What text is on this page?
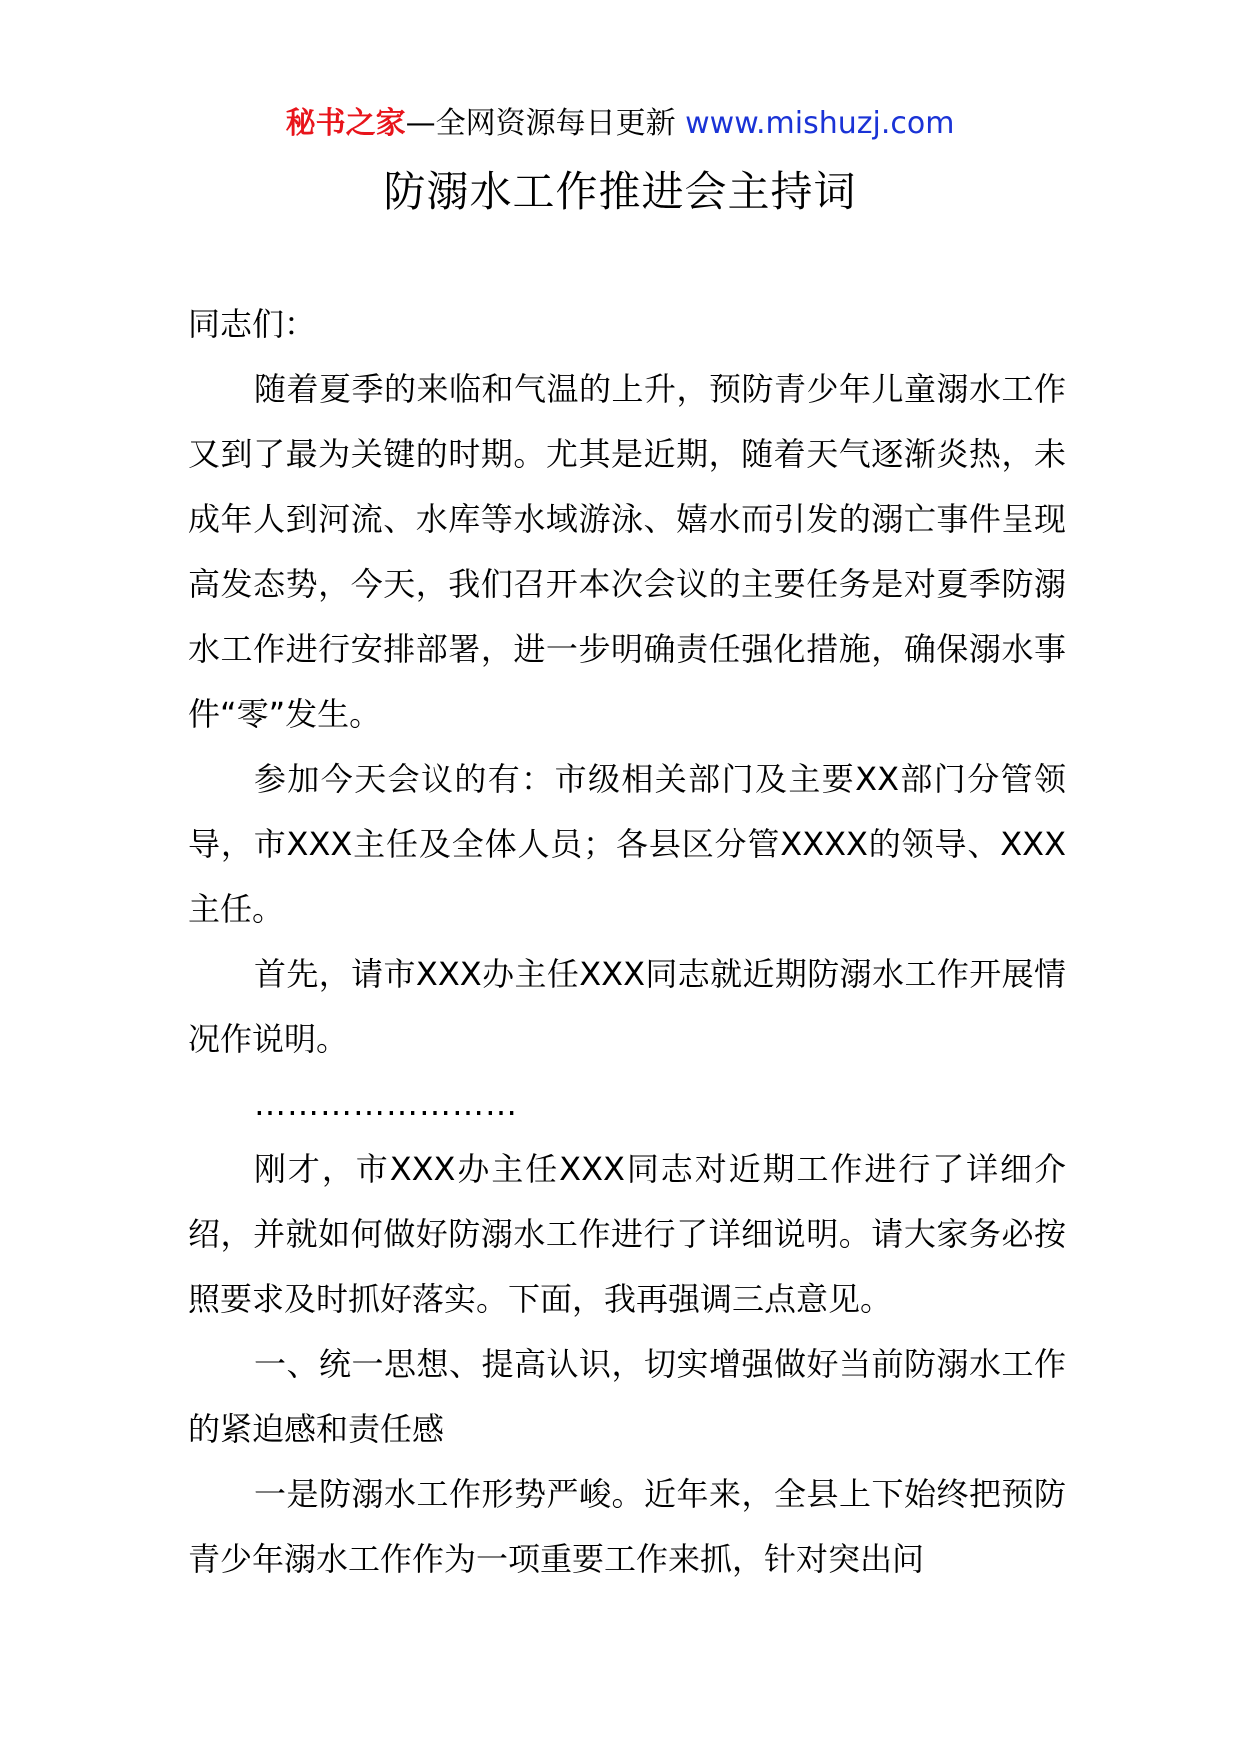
秘书之家—全网资源每日更新 www.mishuzj.com
防溺水工作推进会主持词

同志们：

随着夏季的来临和气温的上升，预防青少年儿童溺水工作又到了最为关键的时期。尤其是近期，随着天气逐渐炎热，未成年人到河流、水库等水域游泳、嬉水而引发的溺亡事件呈现高发态势，今天，我们召开本次会议的主要任务是对夏季防溺水工作进行安排部署，进一步明确责任强化措施，确保溺水事件“零”发生。

参加今天会议的有：市级相关部门及主要XX部门分管领导，市XXX主任及全体人员；各县区分管XXXX的领导、XXX主任。

首先，请市XXX办主任XXX同志就近期防溺水工作开展情况作说明。

……………………

刚才，市XXX办主任XXX同志对近期工作进行了详细介绍，并就如何做好防溺水工作进行了详细说明。请大家务必按照要求及时抓好落实。下面，我再强调三点意见。

一、统一思想、提高认识，切实增强做好当前防溺水工作的紧迫感和责任感

一是防溺水工作形势严峻。近年来，全县上下始终把预防青少年溺水工作作为一项重要工作来抓，针对突出问
